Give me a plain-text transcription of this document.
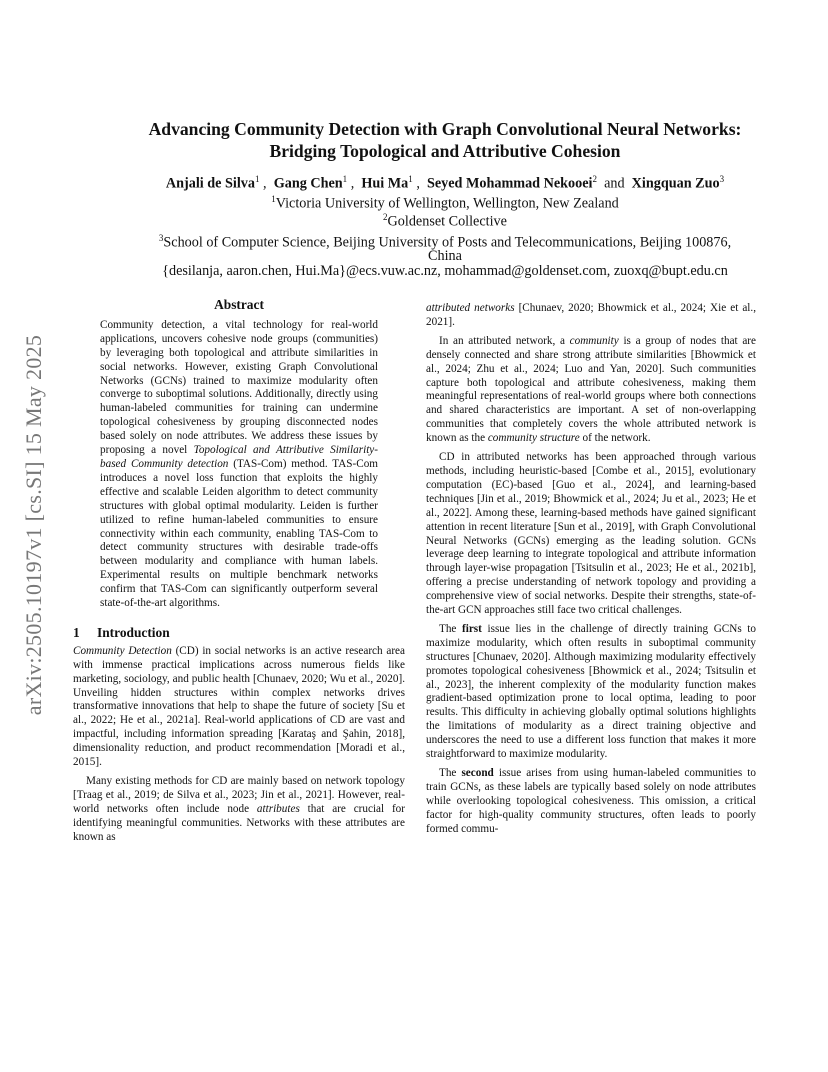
arXiv:2505.10197v1 [cs.SI] 15 May 2025
Advancing Community Detection with Graph Convolutional Neural Networks:
Bridging Topological and Attributive Cohesion
Anjali de Silva$^1$ , Gang Chen$^1$ , Hui Ma$^1$ , Seyed Mohammad Nekooei$^2$ and Xingquan Zuo$^3$
$^1$Victoria University of Wellington, Wellington, New Zealand
$^2$Goldenset Collective
$^3$School of Computer Science, Beijing University of Posts and Telecommunications, Beijing 100876,
China
{desilanja, aaron.chen, Hui.Ma}@ecs.vuw.ac.nz, mohammad@goldenset.com, zuoxq@bupt.edu.cn
Abstract
Community detection, a vital technology for real-world applications, uncovers cohesive node groups (communities) by leveraging both topological and attribute similarities in social networks. However, existing Graph Convolutional Networks (GCNs) trained to maximize modularity often converge to suboptimal solutions. Additionally, directly using human-labeled communities for training can undermine topological cohesiveness by grouping disconnected nodes based solely on node attributes. We address these issues by proposing a novel Topological and Attributive Similarity-based Community detection (TAS-Com) method. TAS-Com introduces a novel loss function that exploits the highly effective and scalable Leiden algorithm to detect community structures with global optimal modularity. Leiden is further utilized to refine human-labeled communities to ensure connectivity within each community, enabling TAS-Com to detect community structures with desirable trade-offs between modularity and compliance with human labels. Experimental results on multiple benchmark networks confirm that TAS-Com can significantly outperform several state-of-the-art algorithms.
1 Introduction

Community Detection (CD) in social networks is an active research area with immense practical implications across numerous fields like marketing, sociology, and public health [Chunaev, 2020; Wu et al., 2020]. Unveiling hidden structures within complex networks drives transformative innovations that help to shape the future of society [Su et al., 2022; He et al., 2021a]. Real-world applications of CD are vast and impactful, including information spreading [Karataş and Şahin, 2018], dimensionality reduction, and product recommendation [Moradi et al., 2015].

Many existing methods for CD are mainly based on network topology [Traag et al., 2019; de Silva et al., 2023; Jin et al., 2021]. However, real-world networks often include node attributes that are crucial for identifying meaningful communities. Networks with these attributes are known as

attributed networks [Chunaev, 2020; Bhowmick et al., 2024; Xie et al., 2021].

In an attributed network, a community is a group of nodes that are densely connected and share strong attribute similarities [Bhowmick et al., 2024; Zhu et al., 2024; Luo and Yan, 2020]. Such communities capture both topological and attribute cohesiveness, making them meaningful representations of real-world groups where both connections and shared characteristics are important. A set of non-overlapping communities that completely covers the whole attributed network is known as the community structure of the network.

CD in attributed networks has been approached through various methods, including heuristic-based [Combe et al., 2015], evolutionary computation (EC)-based [Guo et al., 2024], and learning-based techniques [Jin et al., 2019; Bhowmick et al., 2024; Ju et al., 2023; He et al., 2022]. Among these, learning-based methods have gained significant attention in recent literature [Sun et al., 2019], with Graph Convolutional Neural Networks (GCNs) emerging as the leading solution. GCNs leverage deep learning to integrate topological and attribute information through layer-wise propagation [Tsitsulin et al., 2023; He et al., 2021b], offering a precise understanding of network topology and providing a comprehensive view of social networks. Despite their strengths, state-of-the-art GCN approaches still face two critical challenges.

The first issue lies in the challenge of directly training GCNs to maximize modularity, which often results in suboptimal community structures [Chunaev, 2020]. Although maximizing modularity effectively promotes topological cohesiveness [Bhowmick et al., 2024; Tsitsulin et al., 2023], the inherent complexity of the modularity function makes gradient-based optimization prone to local optima, leading to poor results. This difficulty in achieving globally optimal solutions highlights the limitations of modularity as a direct training objective and underscores the need to use a different loss function that makes it more straightforward to maximize modularity.

The second issue arises from using human-labeled communities to train GCNs, as these labels are typically based solely on node attributes while overlooking topological cohesiveness. This omission, a critical factor for high-quality community structures, often leads to poorly formed commu-
